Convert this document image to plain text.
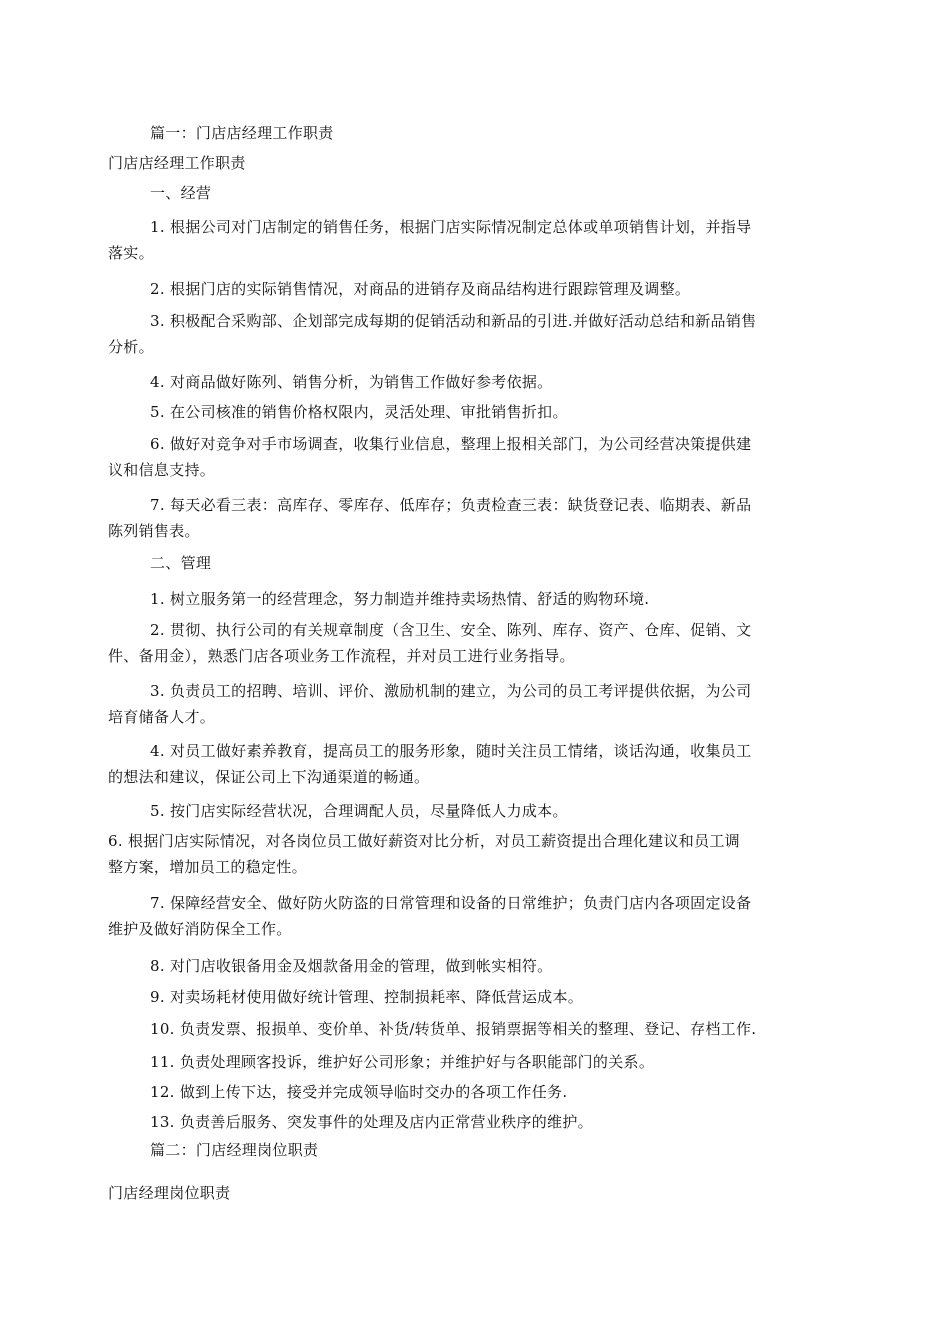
篇一：门店店经理工作职责
门店店经理工作职责
一、经营
1. 根据公司对门店制定的销售任务，根据门店实际情况制定总体或单项销售计划，并指导
落实。
2. 根据门店的实际销售情况，对商品的进销存及商品结构进行跟踪管理及调整。
3. 积极配合采购部、企划部完成每期的促销活动和新品的引进.并做好活动总结和新品销售
分析。
4. 对商品做好陈列、销售分析，为销售工作做好参考依据。
5. 在公司核准的销售价格权限内，灵活处理、审批销售折扣。
6. 做好对竞争对手市场调查，收集行业信息，整理上报相关部门，为公司经营决策提供建
议和信息支持。
7. 每天必看三表：高库存、零库存、低库存；负责检查三表：缺货登记表、临期表、新品
陈列销售表。
二、管理
1. 树立服务第一的经营理念，努力制造并维持卖场热情、舒适的购物环境.
2. 贯彻、执行公司的有关规章制度（含卫生、安全、陈列、库存、资产、仓库、促销、文
件、备用金），熟悉门店各项业务工作流程，并对员工进行业务指导。
3. 负责员工的招聘、培训、评价、激励机制的建立，为公司的员工考评提供依据，为公司
培育储备人才。
4. 对员工做好素养教育，提高员工的服务形象，随时关注员工情绪，谈话沟通，收集员工
的想法和建议，保证公司上下沟通渠道的畅通。
5. 按门店实际经营状况，合理调配人员，尽量降低人力成本。
6. 根据门店实际情况，对各岗位员工做好薪资对比分析，对员工薪资提出合理化建议和员工调
整方案，增加员工的稳定性。
7. 保障经营安全、做好防火防盗的日常管理和设备的日常维护；负责门店内各项固定设备
维护及做好消防保全工作。
8. 对门店收银备用金及烟款备用金的管理，做到帐实相符。
9. 对卖场耗材使用做好统计管理、控制损耗率、降低营运成本。
10. 负责发票、报损单、变价单、补货/转货单、报销票据等相关的整理、登记、存档工作.
11. 负责处理顾客投诉，维护好公司形象；并维护好与各职能部门的关系。
12. 做到上传下达，接受并完成领导临时交办的各项工作任务.
13. 负责善后服务、突发事件的处理及店内正常营业秩序的维护。
篇二：门店经理岗位职责
门店经理岗位职责
